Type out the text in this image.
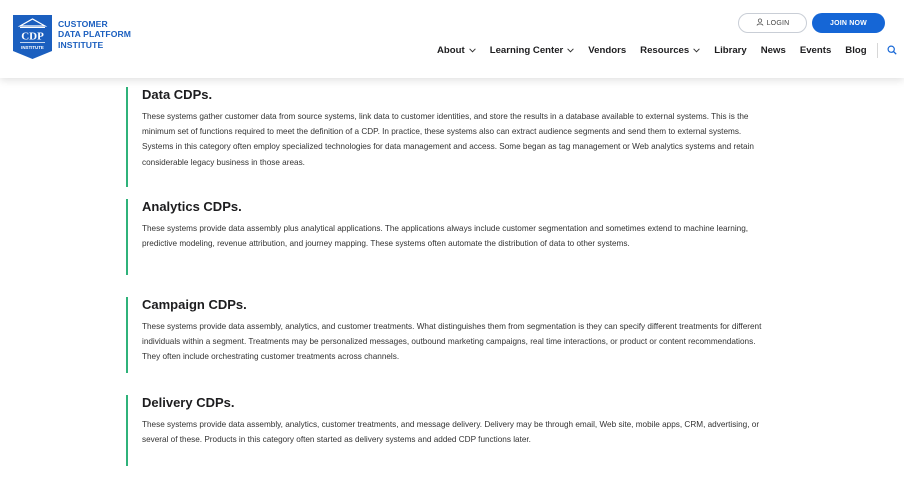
CDP
INSTITUTE
CUSTOMER
DATA PLATFORM
INSTITUTE
LOGIN	JOIN NOW
About	Learning Center	Vendors Resources	Library News Events Blog
Data CDPs.

These systems gather customer data from source systems, link data to customer identities, and store the results in a database available to external systems. This is the minimum set of functions required to meet the definition of a CDP. In practice, these systems also can extract audience segments and send them to external systems. Systems in this category often employ specialized technologies for data management and access. Some began as tag management or Web analytics systems and retain considerable legacy business in those areas.

Analytics CDPs.

These systems provide data assembly plus analytical applications. The applications always include customer segmentation and sometimes extend to machine learning, predictive modeling, revenue attribution, and journey mapping. These systems often automate the distribution of data to other systems.

Campaign CDPs.

These systems provide data assembly, analytics, and customer treatments. What distinguishes them from segmentation is they can specify different treatments for different individuals within a segment. Treatments may be personalized messages, outbound marketing campaigns, real time interactions, or product or content recommendations. They often include orchestrating customer treatments across channels.

Delivery CDPs.

These systems provide data assembly, analytics, customer treatments, and message delivery. Delivery may be through email, Web site, mobile apps, CRM, advertising, or several of these. Products in this category often started as delivery systems and added CDP functions later.
